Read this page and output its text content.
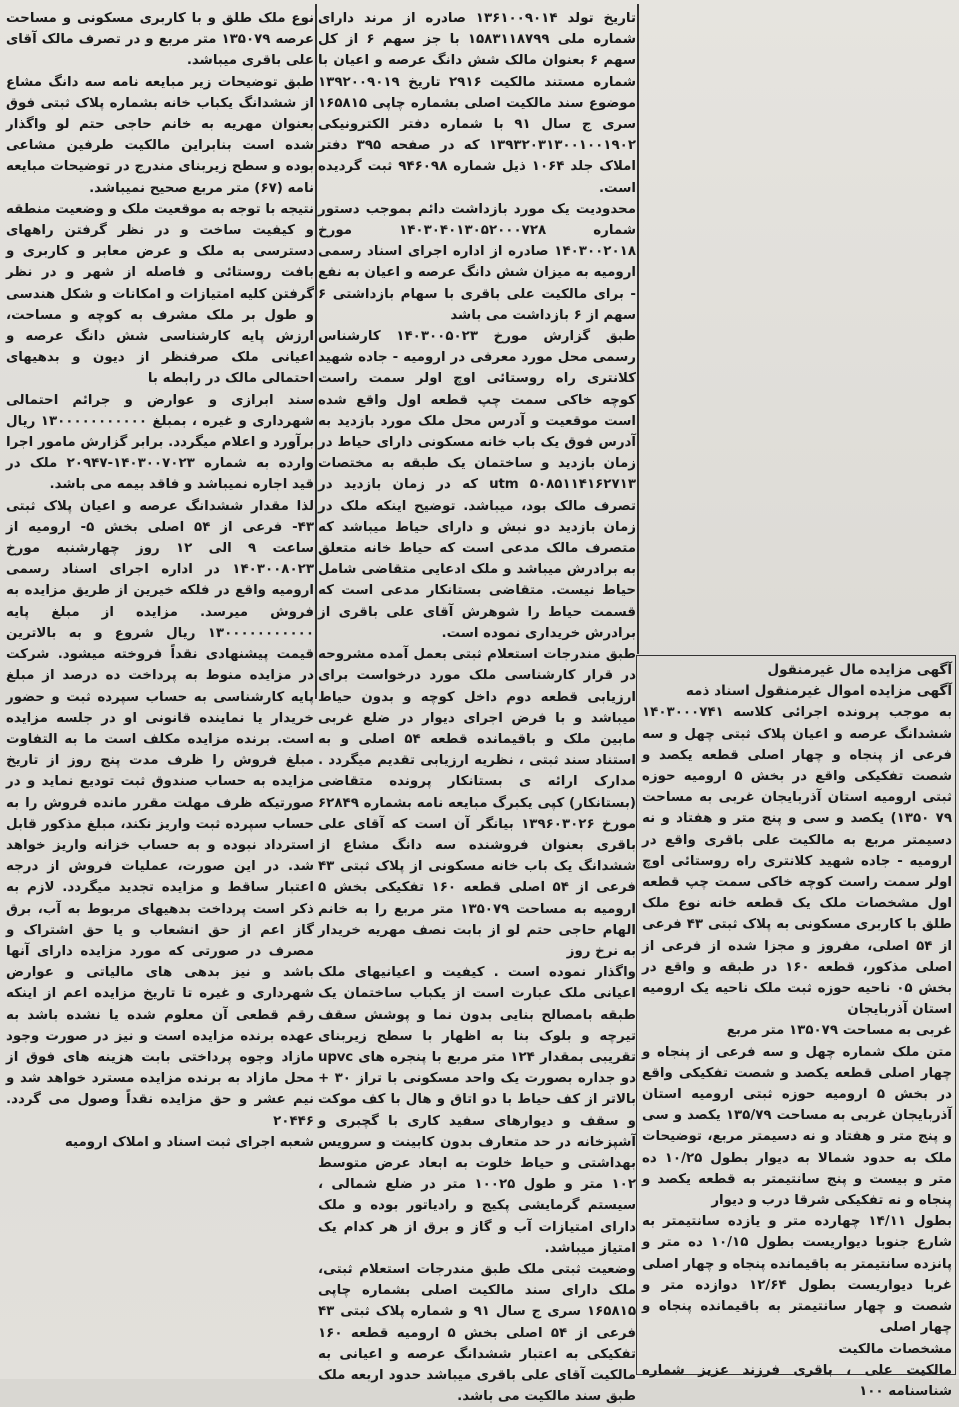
تاریخ تولد ۱۳۶۱۰۰۹۰۱۴ صادره از مرند دارای شماره ملی ۱۵۸۳۱۱۸۷۹۹ با جز سهم ۶ از کل سهم ۶ بعنوان مالک شش دانگ عرصه و اعیان با شماره مستند مالکیت ۲۹۱۶ تاریخ ۱۳۹۲۰۰۹۰۱۹ موضوع سند مالکیت اصلی بشماره چاپی ۱۶۵۸۱۵ سری ج سال ۹۱ با شماره دفتر الکترونیکی ۱۳۹۳۲۰۳۱۳۰۰۱۰۰۱۹۰۲ که در صفحه ۳۹۵ دفتر املاک جلد ۱۰۶۴ ذیل شماره ۹۴۶۰۹۸ ثبت گردیده است.

محدودیت یک مورد بازداشت دائم بموجب دستور شماره ۱۴۰۳۰۴۰۱۳۰۵۲۰۰۰۷۲۸ مورخ ۱۴۰۳۰۰۲۰۱۸ صادره از اداره اجرای اسناد رسمی ارومیه به میزان شش دانگ عرصه و اعیان به نفع - برای مالکیت علی باقری با سهام بازداشتی ۶ سهم از ۶ بازداشت می باشد

طبق گزارش مورخ ۱۴۰۳۰۰۵۰۲۳ کارشناس رسمی محل مورد معرفی در ارومیه - جاده شهید کلانتری راه روستائی اوچ اولر سمت راست کوچه خاکی سمت چپ قطعه اول واقع شده است موقعیت و آدرس محل ملک مورد بازدید به آدرس فوق یک باب خانه مسکونی دارای حیاط در زمان بازدید و ساختمان یک طبقه به مختصات ۵۰۸۵۱۱۴۱۶۲۷۱۳ utm که در زمان بازدید در تصرف مالک بود، میباشد. توضیح اینکه ملک در زمان بازدید دو نبش و دارای حیاط میباشد که متصرف مالک مدعی است که حیاط خانه متعلق به برادرش میباشد و ملک ادعایی متقاضی شامل حیاط نیست. متقاضی بستانکار مدعی است که قسمت حیاط را شوهرش آقای علی باقری از برادرش خریداری نموده است.

طبق مندرجات استعلام ثبتی بعمل آمده مشروحه در قرار کارشناسی ملک مورد درخواست برای ارزیابی قطعه دوم داخل کوچه و بدون حیاط میباشد و با فرض اجرای دیوار در ضلع غربی مابین ملک و باقیمانده قطعه ۵۴ اصلی و به استناد سند ثبتی ، نظریه ارزیابی تقدیم میگردد . مدارک ارائه ی بستانکار پرونده متقاضی (بستانکار) کپی یکبرگ مبایعه نامه بشماره ۶۲۸۴۹ مورخ ۱۳۹۶۰۳۰۲۶ بیانگر آن است که آقای علی باقری بعنوان فروشنده سه دانگ مشاع از ششدانگ یک باب خانه مسکونی از پلاک ثبتی ۴۳ فرعی از ۵۴ اصلی قطعه ۱۶۰ تفکیکی بخش ۵ ارومیه به مساحت ۱۳۵۰۷۹ متر مربع را به خانم الهام حاجی حتم لو از بابت نصف مهریه خریدار به نرخ روز

واگذار نموده است . کیفیت و اعیانیهای ملک اعیانی ملک عبارت است از یکباب ساختمان یک طبقه بامصالح بنایی بدون نما و پوشش سقف تیرچه و بلوک بنا به اظهار با سطح زیربنای تقریبی بمقدار ۱۲۴ متر مربع با پنجره های upvc دو جداره بصورت یک واحد مسکونی با تراز ۳۰ + بالاتر از کف حیاط با دو اتاق و هال با کف موکت و سقف و دیوارهای سفید کاری با گچبری و آشپزخانه در حد متعارف بدون کابینت و سرویس بهداشتی و حیاط خلوت به ابعاد عرض متوسط ۱۰۲ متر و طول ۱۰۰۲۵ متر در ضلع شمالی ، سیستم گرمایشی پکیج و رادیاتور بوده و ملک دارای امتیازات آب و گاز و برق از هر کدام یک امتیاز میباشد.

وضعیت ثبتی ملک طبق مندرجات استعلام ثبتی، ملک دارای سند مالکیت اصلی بشماره چاپی ۱۶۵۸۱۵ سری ج سال ۹۱ و شماره پلاک ثبتی ۴۳ فرعی از ۵۴ اصلی بخش ۵ ارومیه قطعه ۱۶۰ تفکیکی به اعتبار ششدانگ عرصه و اعیانی به مالکیت آقای علی باقری میباشد حدود اربعه ملک طبق سند مالکیت می باشد.

نوع ملک طلق و با کاربری مسکونی و مساحت عرصه ۱۳۵۰۷۹ متر مربع و در تصرف مالک آقای علی باقری میباشد.

طبق توضیحات زیر مبایعه نامه سه دانگ مشاع از ششدانگ یکباب خانه بشماره پلاک ثبتی فوق بعنوان مهریه به خانم حاجی حتم لو واگذار شده است بنابراین مالکیت طرفین مشاعی بوده و سطح زیربنای مندرج در توضیحات مبایعه نامه (۶۷) متر مربع صحیح نمیباشد.

نتیجه با توجه به موقعیت ملک و وضعیت منطقه و کیفیت ساخت و در نظر گرفتن راههای دسترسی به ملک و عرض معابر و کاربری و بافت روستائی و فاصله از شهر و در نظر گرفتن کلیه امتیازات و امکانات و شکل هندسی و طول بر ملک مشرف به کوچه و مساحت، ارزش پایه کارشناسی شش دانگ عرصه و اعیانی ملک صرفنظر از دیون و بدهیهای احتمالی مالک در رابطه با

سند ابرازی و عوارض و جرائم احتمالی شهرداری و غیره ، بمبلغ ۱۳۰۰۰۰۰۰۰۰۰۰۰ ریال برآورد و اعلام میگردد. برابر گزارش مامور اجرا وارده به شماره ۱۴۰۳۰۰۷۰۲۳-۲۰۹۴۷ ملک در قید اجاره نمیباشد و فاقد بیمه می باشد.

لذا مقدار ششدانگ عرصه و اعیان پلاک ثبتی ۴۳- فرعی از ۵۴ اصلی بخش ۵- ارومیه از ساعت ۹ الی ۱۲ روز چهارشنبه مورخ ۱۴۰۳۰۰۸۰۲۳ در اداره اجرای اسناد رسمی ارومیه واقع در فلکه خیرین از طریق مزایده به فروش میرسد. مزایده از مبلغ پایه ۱۳۰۰۰۰۰۰۰۰۰۰۰ ریال شروع و به بالاترین قیمت پیشنهادی نقداً فروخته میشود. شرکت در مزایده منوط به پرداخت ده درصد از مبلغ پایه کارشناسی به حساب سپرده ثبت و حضور خریدار یا نماینده قانونی او در جلسه مزایده است. برنده مزایده مکلف است ما به التفاوت مبلغ فروش را ظرف مدت پنج روز از تاریخ مزایده به حساب صندوق ثبت تودیع نماید و در صورتیکه ظرف مهلت مقرر مانده فروش را به حساب سپرده ثبت واریز نکند، مبلغ مذکور قابل استرداد نبوده و به حساب خزانه واریز خواهد شد. در این صورت، عملیات فروش از درجه اعتبار ساقط و مزایده تجدید میگردد. لازم به ذکر است پرداخت بدهیهای مربوط به آب، برق گاز اعم از حق انشعاب و یا حق اشتراک و مصرف در صورتی که مورد مزایده دارای آنها باشد و نیز بدهی های مالیاتی و عوارض شهرداری و غیره تا تاریخ مزایده اعم از اینکه رقم قطعی آن معلوم شده یا نشده باشد به عهده برنده مزایده است و نیز در صورت وجود مازاد وجوه پرداختی بابت هزینه های فوق از محل مازاد به برنده مزایده مسترد خواهد شد و نیم عشر و حق مزایده نقداً وصول می گردد. ۲۰۴۴۶

شعبه اجرای ثبت اسناد و املاک ارومیه

آگهی مزایده مال غیرمنقول

آگهی مزایده اموال غیرمنقول اسناد ذمه

به موجب پرونده اجرائی کلاسه ۱۴۰۳۰۰۰۷۴۱ ششدانگ عرصه و اعیان پلاک ثبتی چهل و سه فرعی از پنجاه و چهار اصلی قطعه یکصد و شصت تفکیکی واقع در بخش ۵ ارومیه حوزه ثبتی ارومیه استان آذربایجان غربی به مساحت ۷۹ ۱۳۵۰) یکصد و سی و پنج متر و هفتاد و نه دسیمتر مربع به مالکیت علی باقری واقع در ارومیه - جاده شهید کلانتری راه روستائی اوچ اولر سمت راست کوچه خاکی سمت چپ قطعه اول مشخصات ملک یک قطعه خانه نوع ملک طلق با کاربری مسکونی به پلاک ثبتی ۴۳ فرعی از ۵۴ اصلی، مفروز و مجزا شده از فرعی از اصلی مذکور، قطعه ۱۶۰ در طبقه و واقع در بخش ۰۵ ناحیه حوزه ثبت ملک ناحیه یک ارومیه استان آذربایجان

غربی به مساحت ۱۳۵۰۷۹ متر مربع

متن ملک شماره چهل و سه فرعی از پنجاه و چهار اصلی قطعه یکصد و شصت تفکیکی واقع در بخش ۵ ارومیه حوزه ثبتی ارومیه استان آذربایجان غربی به مساحت ۱۳۵/۷۹ یکصد و سی و پنج متر و هفتاد و نه دسیمتر مربع، توضیحات ملک به حدود شمالا به دیوار بطول ۱۰/۲۵ ده متر و بیست و پنج سانتیمتر به قطعه یکصد و پنجاه و نه تفکیکی شرقا درب و دیوار

بطول ۱۴/۱۱ چهارده متر و یازده سانتیمتر به شارع جنوبا دیواریست بطول ۱۰/۱۵ ده متر و پانزده سانتیمتر به باقیمانده پنجاه و چهار اصلی غربا دیواریست بطول ۱۲/۶۴ دوازده متر و شصت و چهار سانتیمتر به باقیمانده پنجاه و چهار اصلی

مشخصات مالکیت

مالکیت علی ، باقری فرزند عزیز شماره شناسنامه ۱۰۰
